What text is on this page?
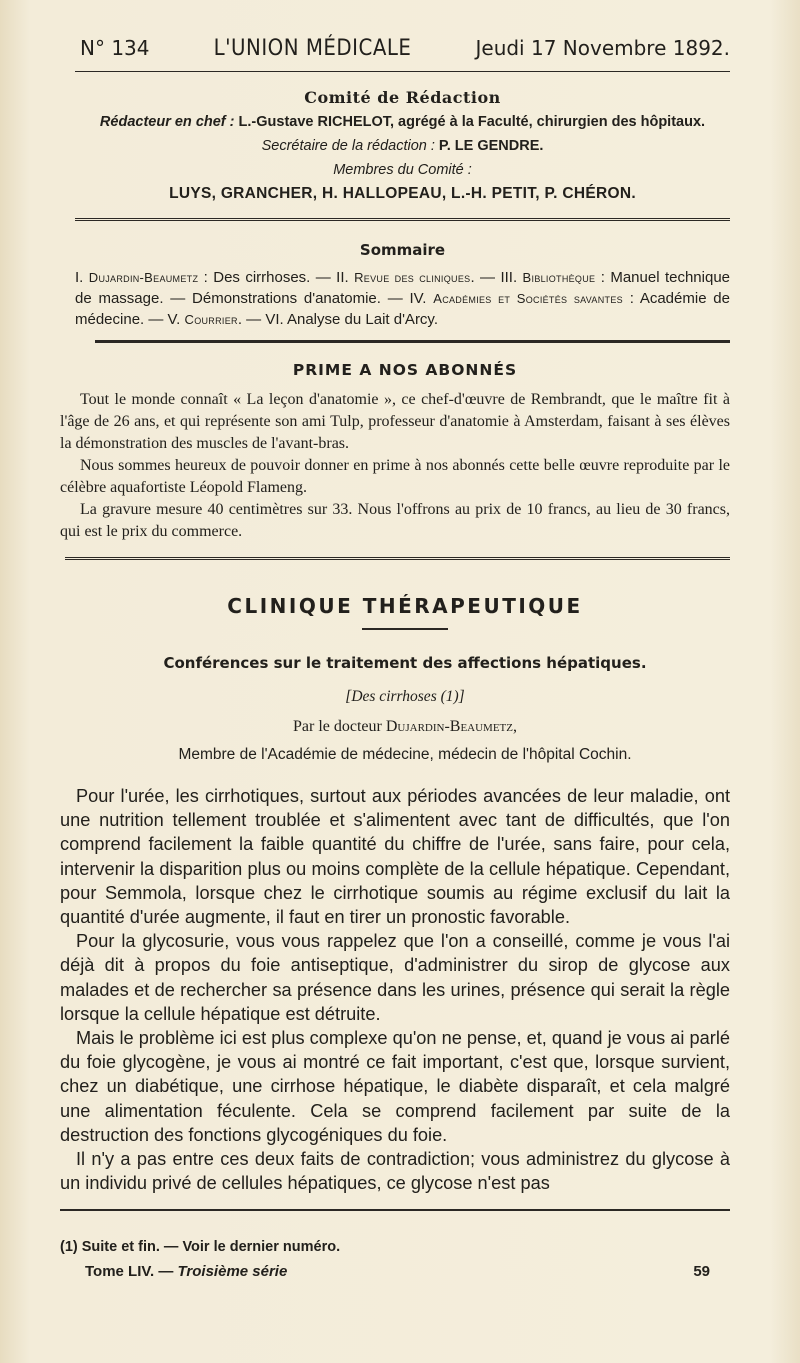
N° 134	L'UNION MÉDICALE	Jeudi 17 Novembre 1892.
Comité de Rédaction
Rédacteur en chef : L.-Gustave RICHELOT, agrégé à la Faculté, chirurgien des hôpitaux.
Secrétaire de la rédaction : P. LE GENDRE.
Membres du Comité :
LUYS, GRANCHER, H. HALLOPEAU, L.-H. PETIT, P. CHÉRON.
Sommaire
I. Dujardin-Beaumetz : Des cirrhoses. — II. Revue des cliniques. — III. Bibliothèque : Manuel technique de massage. — Démonstrations d'anatomie. — IV. Académies et Sociétés savantes : Académie de médecine. — V. Courrier. — VI. Analyse du Lait d'Arcy.
PRIME A NOS ABONNÉS

Tout le monde connaît « La leçon d'anatomie », ce chef-d'œuvre de Rembrandt, que le maître fit à l'âge de 26 ans, et qui représente son ami Tulp, professeur d'anatomie à Amsterdam, faisant à ses élèves la démonstration des muscles de l'avant-bras.

Nous sommes heureux de pouvoir donner en prime à nos abonnés cette belle œuvre reproduite par le célèbre aquafortiste Léopold Flameng.

La gravure mesure 40 centimètres sur 33. Nous l'offrons au prix de 10 francs, au lieu de 30 francs, qui est le prix du commerce.

CLINIQUE THÉRAPEUTIQUE
Conférences sur le traitement des affections hépatiques.
[Des cirrhoses (1)]
Par le docteur Dujardin-Beaumetz,
Membre de l'Académie de médecine, médecin de l'hôpital Cochin.

Pour l'urée, les cirrhotiques, surtout aux périodes avancées de leur maladie, ont une nutrition tellement troublée et s'alimentent avec tant de difficultés, que l'on comprend facilement la faible quantité du chiffre de l'urée, sans faire, pour cela, intervenir la disparition plus ou moins complète de la cellule hépatique. Cependant, pour Semmola, lorsque chez le cirrhotique soumis au régime exclusif du lait la quantité d'urée augmente, il faut en tirer un pronostic favorable.

Pour la glycosurie, vous vous rappelez que l'on a conseillé, comme je vous l'ai déjà dit à propos du foie antiseptique, d'administrer du sirop de glycose aux malades et de rechercher sa présence dans les urines, présence qui serait la règle lorsque la cellule hépatique est détruite.

Mais le problème ici est plus complexe qu'on ne pense, et, quand je vous ai parlé du foie glycogène, je vous ai montré ce fait important, c'est que, lorsque survient, chez un diabétique, une cirrhose hépatique, le diabète disparaît, et cela malgré une alimentation féculente. Cela se comprend facilement par suite de la destruction des fonctions glycogéniques du foie.

Il n'y a pas entre ces deux faits de contradiction; vous administrez du glycose à un individu privé de cellules hépatiques, ce glycose n'est pas

(1) Suite et fin. — Voir le dernier numéro.
Tome LIV. — Troisième série	59
